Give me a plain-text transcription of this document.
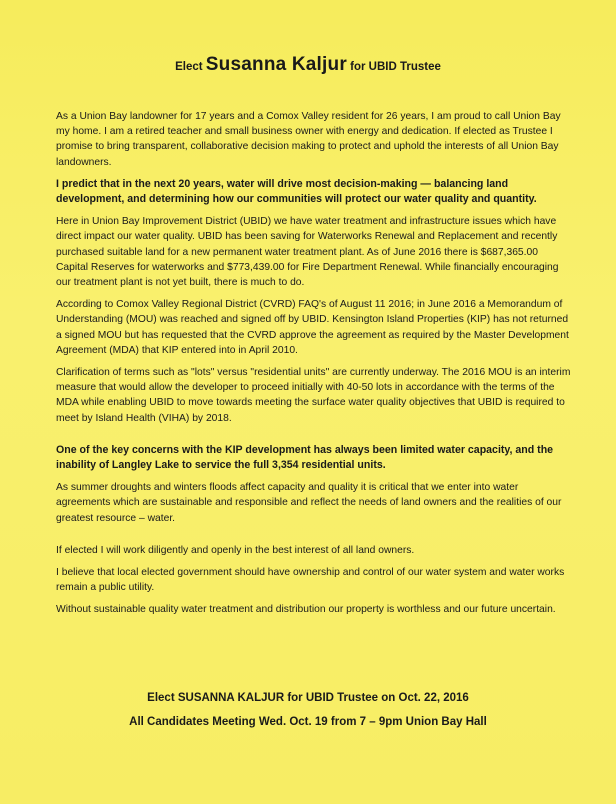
Elect Susanna Kaljur for UBID Trustee

As a Union Bay landowner for 17 years and a Comox Valley resident for 26 years, I am proud to call Union Bay my home. I am a retired teacher and small business owner with energy and dedication. If elected as Trustee I promise to bring transparent, collaborative decision making to protect and uphold the interests of all Union Bay landowners.

I predict that in the next 20 years, water will drive most decision-making — balancing land development, and determining how our communities will protect our water quality and quantity.

Here in Union Bay Improvement District (UBID) we have water treatment and infrastructure issues which have direct impact our water quality. UBID has been saving for Waterworks Renewal and Replacement and recently purchased suitable land for a new permanent water treatment plant. As of June 2016 there is $687,365.00 Capital Reserves for waterworks and $773,439.00 for Fire Department Renewal. While financially encouraging our treatment plant is not yet built, there is much to do.

According to Comox Valley Regional District (CVRD) FAQ's of August 11 2016; in June 2016 a Memorandum of Understanding (MOU) was reached and signed off by UBID. Kensington Island Properties (KIP) has not returned a signed MOU but has requested that the CVRD approve the agreement as required by the Master Development Agreement (MDA) that KIP entered into in April 2010.

Clarification of terms such as "lots" versus "residential units" are currently underway. The 2016 MOU is an interim measure that would allow the developer to proceed initially with 40-50 lots in accordance with the terms of the MDA while enabling UBID to move towards meeting the surface water quality objectives that UBID is required to meet by Island Health (VIHA) by 2018.

One of the key concerns with the KIP development has always been limited water capacity, and the inability of Langley Lake to service the full 3,354 residential units.

As summer droughts and winters floods affect capacity and quality it is critical that we enter into water agreements which are sustainable and responsible and reflect the needs of land owners and the realities of our greatest resource – water.

If elected I will work diligently and openly in the best interest of all land owners.

I believe that local elected government should have ownership and control of our water system and water works remain a public utility.

Without sustainable quality water treatment and distribution our property is worthless and our future uncertain.

Elect SUSANNA KALJUR for UBID Trustee on Oct. 22, 2016
All Candidates Meeting Wed. Oct. 19 from 7 – 9pm Union Bay Hall
